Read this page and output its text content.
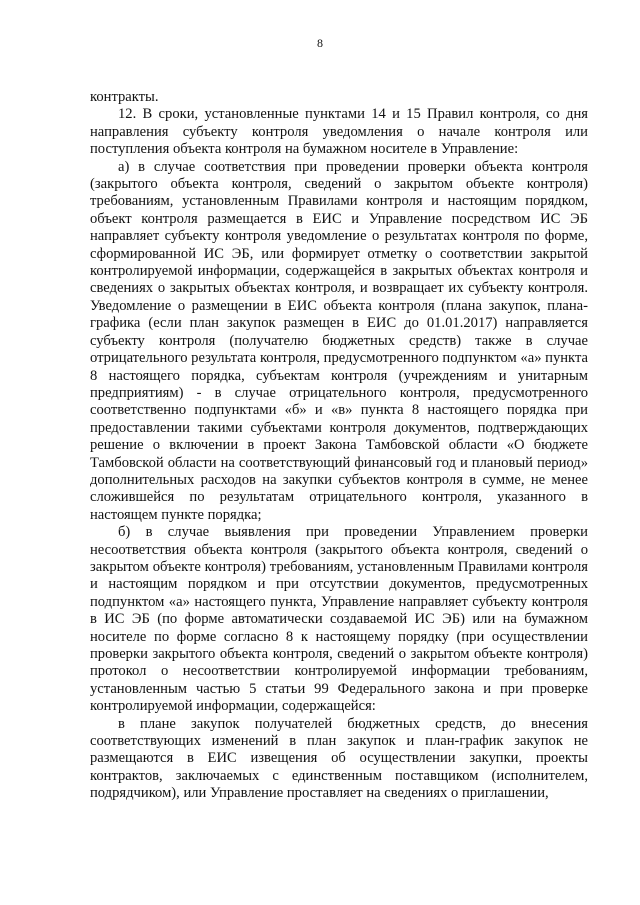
8

контракты.

12. В сроки, установленные пунктами 14 и 15 Правил контроля, со дня направления субъекту контроля уведомления о начале контроля или поступления объекта контроля на бумажном носителе в Управление:

а) в случае соответствия при проведении проверки объекта контроля (закрытого объекта контроля, сведений о закрытом объекте контроля) требованиям, установленным Правилами контроля и настоящим порядком, объект контроля размещается в ЕИС и Управление посредством ИС ЭБ направляет субъекту контроля уведомление о результатах контроля по форме, сформированной ИС ЭБ, или формирует отметку о соответствии закрытой контролируемой информации, содержащейся в закрытых объектах контроля и сведениях о закрытых объектах контроля, и возвращает их субъекту контроля. Уведомление о размещении в ЕИС объекта контроля (плана закупок, плана-графика (если план закупок размещен в ЕИС до 01.01.2017) направляется субъекту контроля (получателю бюджетных средств) также в случае отрицательного результата контроля, предусмотренного подпунктом «а» пункта 8 настоящего порядка, субъектам контроля (учреждениям и унитарным предприятиям) - в случае отрицательного контроля, предусмотренного соответственно подпунктами «б» и «в» пункта 8 настоящего порядка при предоставлении такими субъектами контроля документов, подтверждающих решение о включении в проект Закона Тамбовской области «О бюджете Тамбовской области на соответствующий финансовый год и плановый период» дополнительных расходов на закупки субъектов контроля в сумме, не менее сложившейся по результатам отрицательного контроля, указанного в настоящем пункте порядка;

б) в случае выявления при проведении Управлением проверки несоответствия объекта контроля (закрытого объекта контроля, сведений о закрытом объекте контроля) требованиям, установленным Правилами контроля и настоящим порядком и при отсутствии документов, предусмотренных подпунктом «а» настоящего пункта, Управление направляет субъекту контроля в ИС ЭБ (по форме автоматически создаваемой ИС ЭБ) или на бумажном носителе по форме согласно 8 к настоящему порядку (при осуществлении проверки закрытого объекта контроля, сведений о закрытом объекте контроля) протокол о несоответствии контролируемой информации требованиям, установленным частью 5 статьи 99 Федерального закона и при проверке контролируемой информации, содержащейся:

в плане закупок получателей бюджетных средств, до внесения соответствующих изменений в план закупок и план-график закупок не размещаются в ЕИС извещения об осуществлении закупки, проекты контрактов, заключаемых с единственным поставщиком (исполнителем, подрядчиком), или Управление проставляет на сведениях о приглашении,
